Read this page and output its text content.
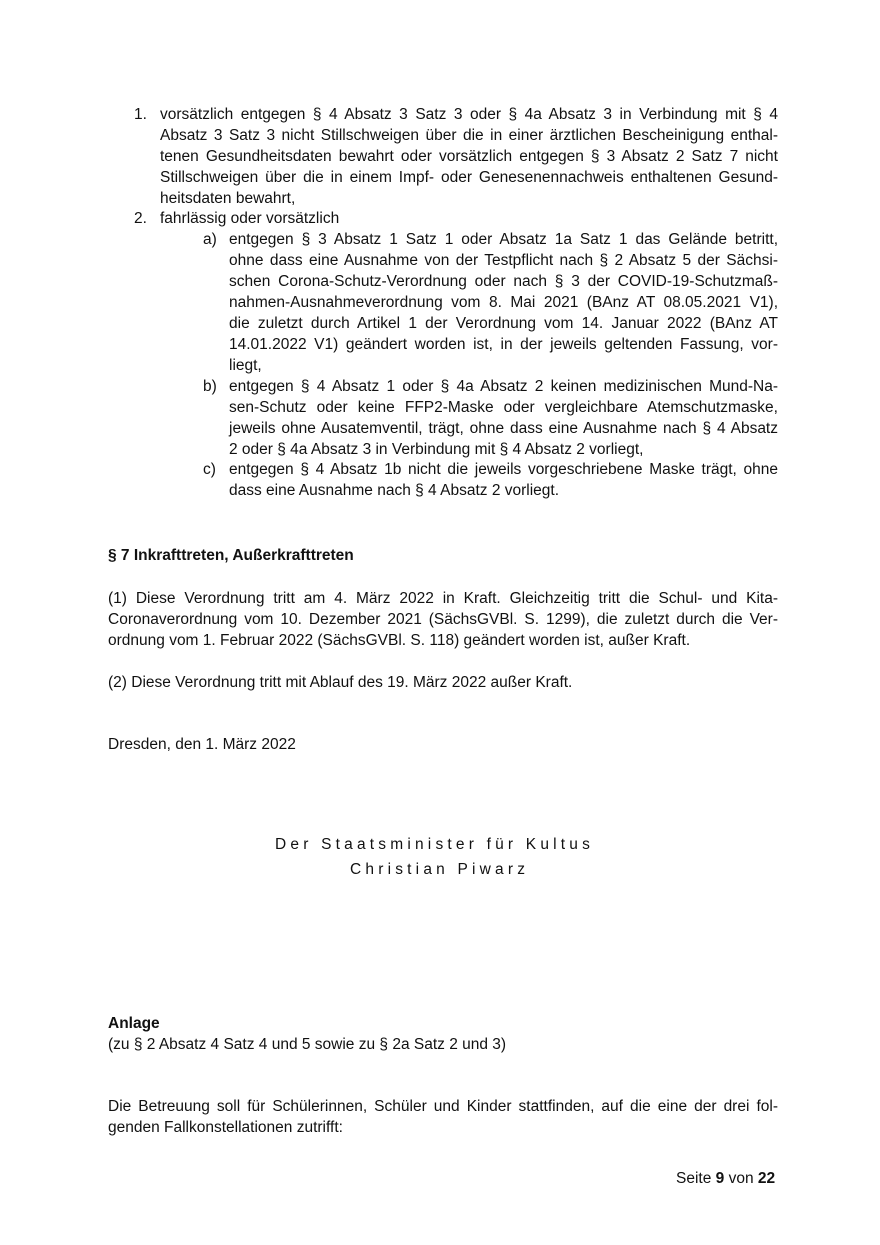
1. vorsätzlich entgegen § 4 Absatz 3 Satz 3 oder § 4a Absatz 3 in Verbindung mit § 4
Absatz 3 Satz 3 nicht Stillschweigen über die in einer ärztlichen Bescheinigung enthal-
tenen Gesundheitsdaten bewahrt oder vorsätzlich entgegen § 3 Absatz 2 Satz 7 nicht
Stillschweigen über die in einem Impf- oder Genesenennachweis enthaltenen Gesund-
heitsdaten bewahrt,
2. fahrlässig oder vorsätzlich
a) entgegen § 3 Absatz 1 Satz 1 oder Absatz 1a Satz 1 das Gelände betritt,
ohne dass eine Ausnahme von der Testpflicht nach § 2 Absatz 5 der Sächsi-
schen Corona-Schutz-Verordnung oder nach § 3 der COVID-19-Schutzmaß-
nahmen-Ausnahmeverordnung vom 8. Mai 2021 (BAnz AT 08.05.2021 V1),
die zuletzt durch Artikel 1 der Verordnung vom 14. Januar 2022 (BAnz AT
14.01.2022 V1) geändert worden ist, in der jeweils geltenden Fassung, vor-
liegt,
b) entgegen § 4 Absatz 1 oder § 4a Absatz 2 keinen medizinischen Mund-Na-
sen-Schutz oder keine FFP2-Maske oder vergleichbare Atemschutzmaske,
jeweils ohne Ausatemventil, trägt, ohne dass eine Ausnahme nach § 4 Absatz
2 oder § 4a Absatz 3 in Verbindung mit § 4 Absatz 2 vorliegt,
c) entgegen § 4 Absatz 1b nicht die jeweils vorgeschriebene Maske trägt, ohne
dass eine Ausnahme nach § 4 Absatz 2 vorliegt.
§ 7 Inkrafttreten, Außerkrafttreten
(1) Diese Verordnung tritt am 4. März 2022 in Kraft. Gleichzeitig tritt die Schul- und Kita-
Coronaverordnung vom 10. Dezember 2021 (SächsGVBl. S. 1299), die zuletzt durch die Ver-
ordnung vom 1. Februar 2022 (SächsGVBl. S. 118) geändert worden ist, außer Kraft.
(2) Diese Verordnung tritt mit Ablauf des 19. März 2022 außer Kraft.
Dresden, den 1. März 2022
Der Staatsminister für Kultus
Christian Piwarz
Anlage
(zu § 2 Absatz 4 Satz 4 und 5 sowie zu § 2a Satz 2 und 3)
Die Betreuung soll für Schülerinnen, Schüler und Kinder stattfinden, auf die eine der drei fol-
genden Fallkonstellationen zutrifft:
Seite 9 von 22
